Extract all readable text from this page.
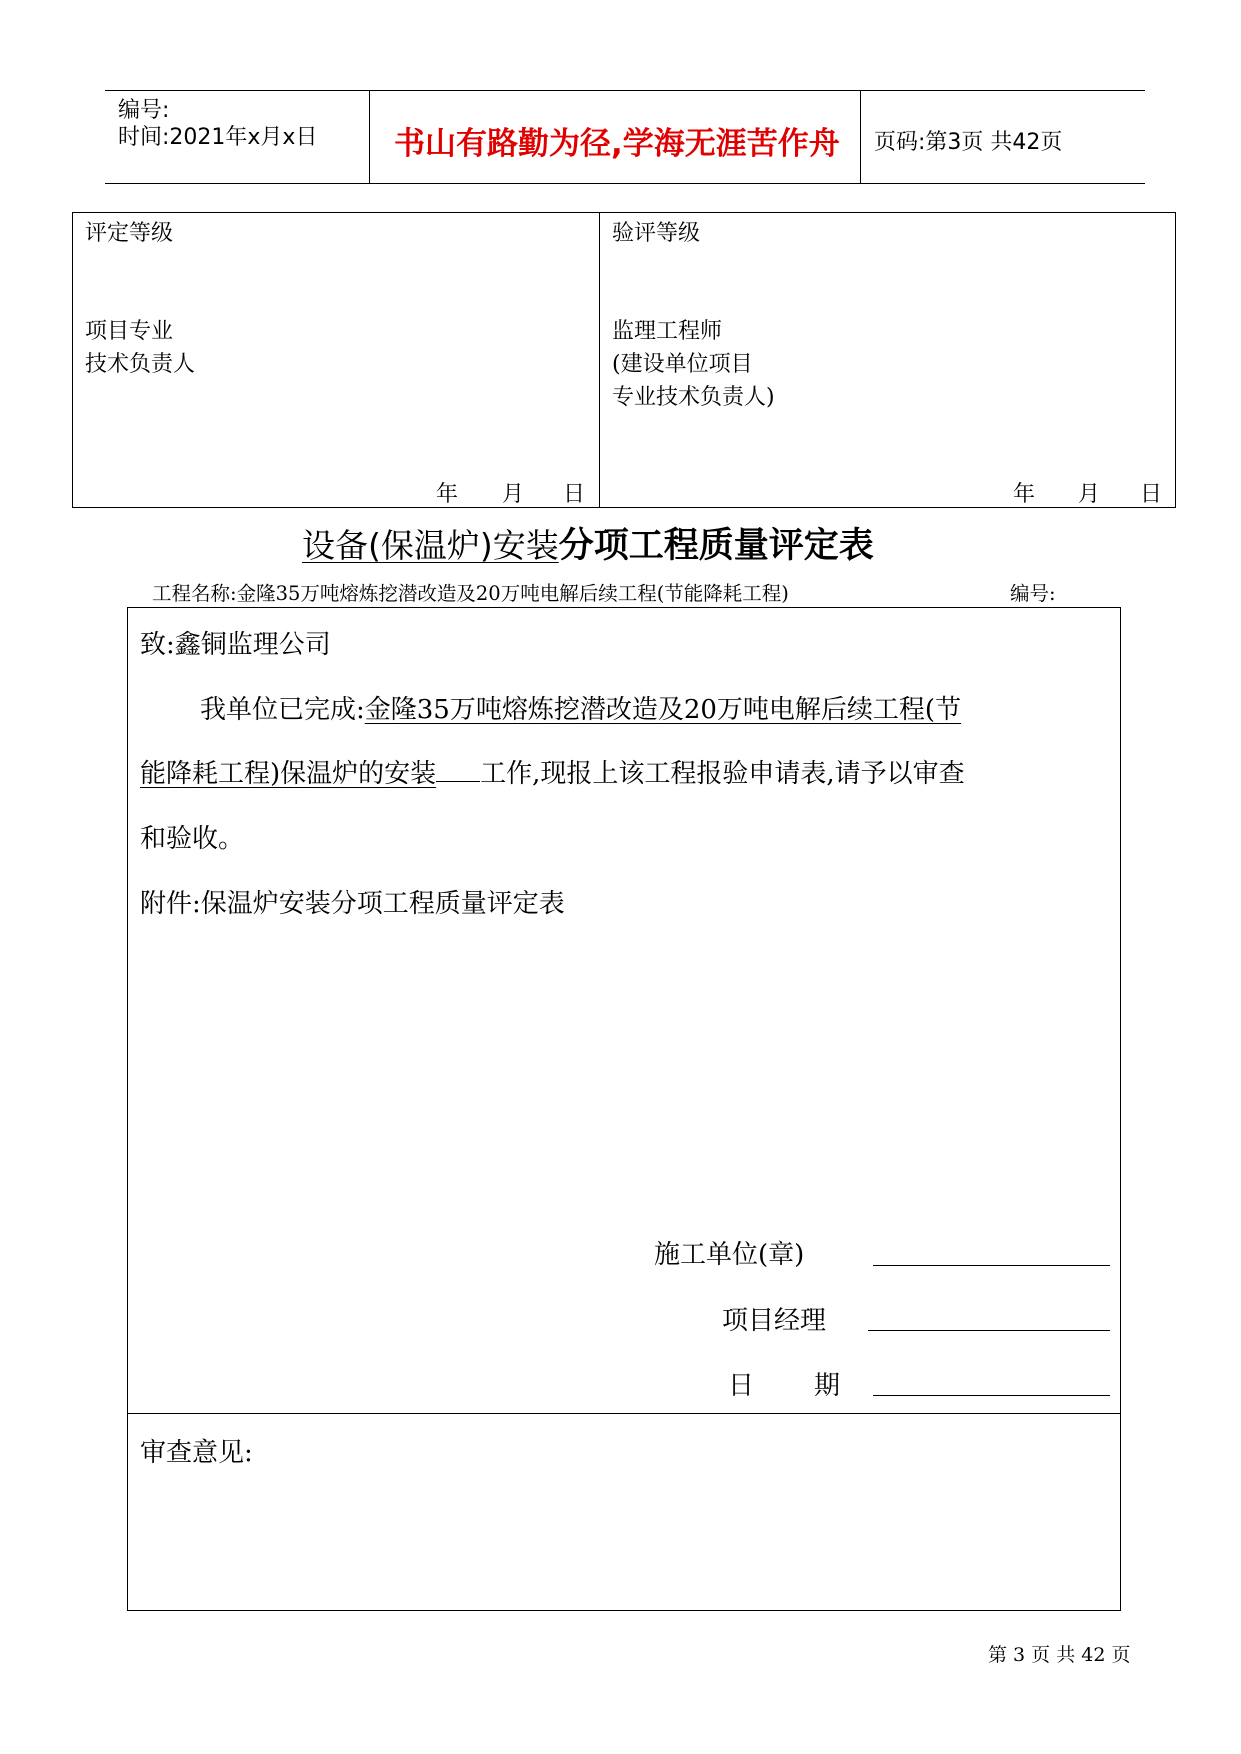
编号:
时间:2021年x月x日 书山有路勤为径,学海无涯苦作舟 页码:第3页 共42页
评定等级
项目专业
技术负责人
年 月 日
验评等级
监理工程师
(建设单位项目
专业技术负责人)
年 月 日
设备(保温炉)安装分项工程质量评定表
工程名称:金隆35万吨熔炼挖潜改造及20万吨电解后续工程(节能降耗工程)	编号:
致:鑫铜监理公司
我单位已完成:金隆35万吨熔炼挖潜改造及20万吨电解后续工程(节
能降耗工程)保温炉的安装 工作,现报上该工程报验申请表,请予以审查
和验收。
附件:保温炉安装分项工程质量评定表
施工单位(章)
项目经理
日 期
审查意见:
第 3 页 共 42 页
